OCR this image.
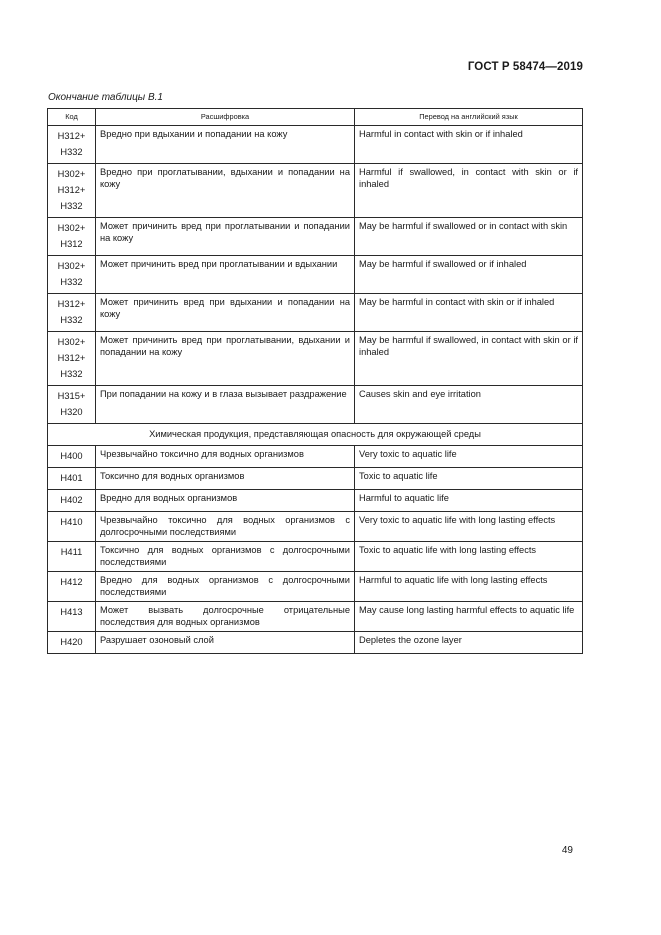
ГОСТ Р 58474—2019
Окончание таблицы В.1
Код	Расшифровка	Перевод на английский язык

H312+
H332	Вредно при вдыхании и попадании на кожу	Harmful in contact with skin or if inhaled

H302+
H312+
H332	Вредно при проглатывании, вдыхании и попадании на кожу	Harmful if swallowed, in contact with skin or if inhaled

H302+
H312	Может причинить вред при проглатывании и попадании на кожу	May be harmful if swallowed or in contact with skin

H302+
H332	Может причинить вред при проглатывании и вдыхании	May be harmful if swallowed or if inhaled

H312+
H332	Может причинить вред при вдыхании и попадании на кожу	May be harmful in contact with skin or if inhaled

H302+
H312+
H332	Может причинить вред при проглатывании, вдыхании и попадании на кожу	May be harmful if swallowed, in contact with skin or if inhaled

H315+
H320	При попадании на кожу и в глаза вызывает раздражение	Causes skin and eye irritation
Химическая продукция, представляющая опасность для окружающей среды		

H400	Чрезвычайно токсично для водных организмов	Very toxic to aquatic life

H401	Токсично для водных организмов	Toxic to aquatic life

H402	Вредно для водных организмов	Harmful to aquatic life

H410	Чрезвычайно токсично для водных организмов с долгосрочными последствиями	Very toxic to aquatic life with long lasting effects

H411	Токсично для водных организмов с долгосрочными последствиями	Toxic to aquatic life with long lasting effects

H412	Вредно для водных организмов с долгосрочными последствиями	Harmful to aquatic life with long lasting effects

H413	Может вызвать долгосрочные отрицательные последствия для водных организмов	May cause long lasting harmful effects to aquatic life

H420	Разрушает озоновый слой	Depletes the ozone layer
49
